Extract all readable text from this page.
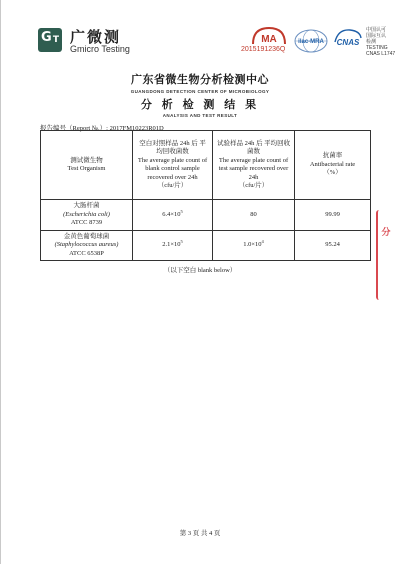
G T 广微测
Gmicro Testing
MA
2015191236Q
ilac-MRA CNAS
中国认可
国际互认
检测
TESTING
CNAS L1747
广东省微生物分析检测中心
GUANGDONG DETECTION CENTER OF MICROBIOLOGY
分 析 检 测 结 果
ANALYSIS AND TEST RESULT
报告编号（Report №.）: 2017FM10223R01D
测试微生物
Test Organism	空白对照样品 24h 后 平均回收菌数
The average plate count of blank control sample recovered over 24h
（cfu/片）	试验样品 24h 后 平均回收菌数
The average plate count of test sample recovered over 24h
（cfu/片）	抗菌率
Antibacterial rate
（%）

大肠杆菌
(Escherichia coli)
ATCC 8739	$6.4\times 10^5$	80	99.99

金黄色葡萄球菌
(Staphylococcus aureus)
ATCC 6538P	$2.1\times 10^5$	$1.0\times 10^4$	95.24
（以下空白 blank below）
分
第 3 页 共 4 页
